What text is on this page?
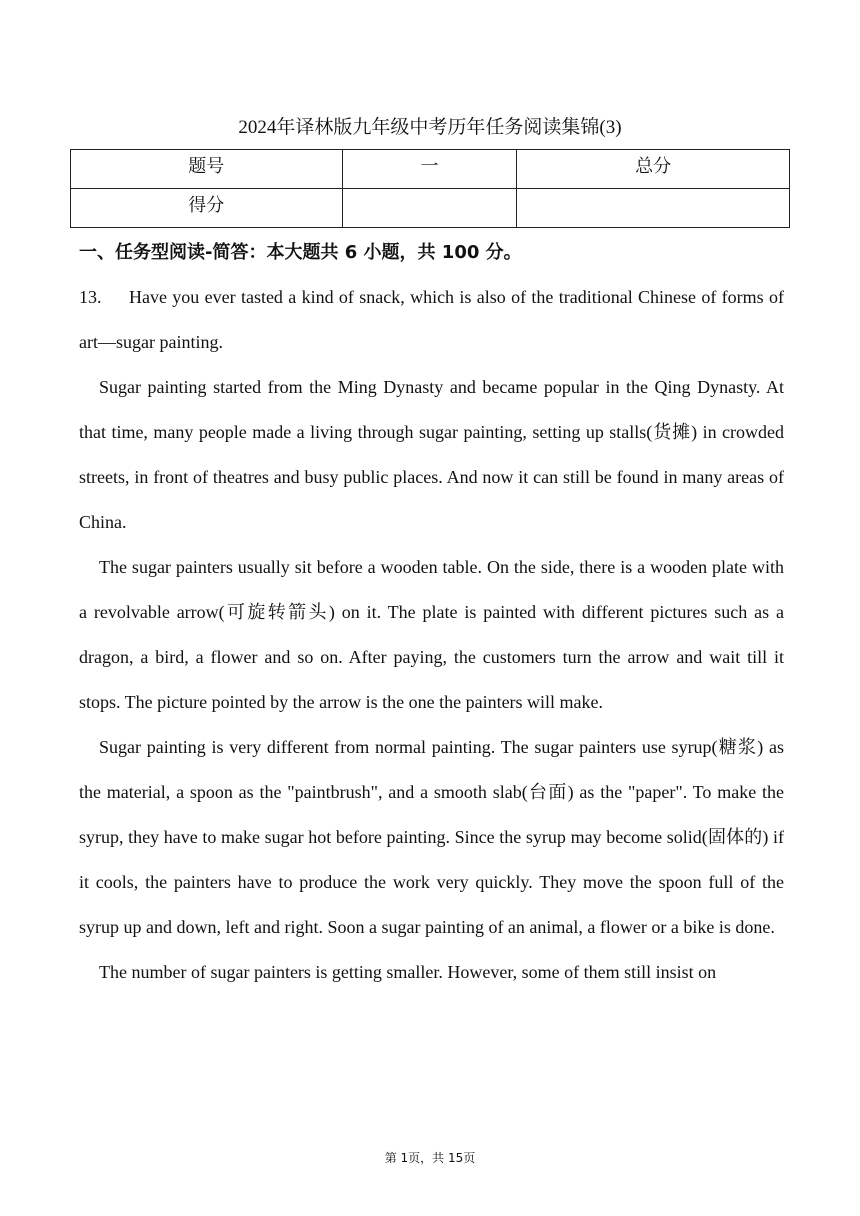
2024年译林版九年级中考历年任务阅读集锦(3)
题号	一	总分
得分		
一、任务型阅读-简答：本大题共 6 小题，共 100 分。

13. Have you ever tasted a kind of snack, which is also of the traditional Chinese of forms of art—sugar painting.

Sugar painting started from the Ming Dynasty and became popular in the Qing Dynasty. At that time, many people made a living through sugar painting, setting up stalls(货摊) in crowded streets, in front of theatres and busy public places. And now it can still be found in many areas of China.

The sugar painters usually sit before a wooden table. On the side, there is a wooden plate with a revolvable arrow(可旋转箭头) on it. The plate is painted with different pictures such as a dragon, a bird, a flower and so on. After paying, the customers turn the arrow and wait till it stops. The picture pointed by the arrow is the one the painters will make.

Sugar painting is very different from normal painting. The sugar painters use syrup(糖浆) as the material, a spoon as the "paintbrush", and a smooth slab(台面) as the "paper". To make the syrup, they have to make sugar hot before painting. Since the syrup may become solid(固体的) if it cools, the painters have to produce the work very quickly. They move the spoon full of the syrup up and down, left and right. Soon a sugar painting of an animal, a flower or a bike is done.

The number of sugar painters is getting smaller. However, some of them still insist on

第 1页，共 15页
